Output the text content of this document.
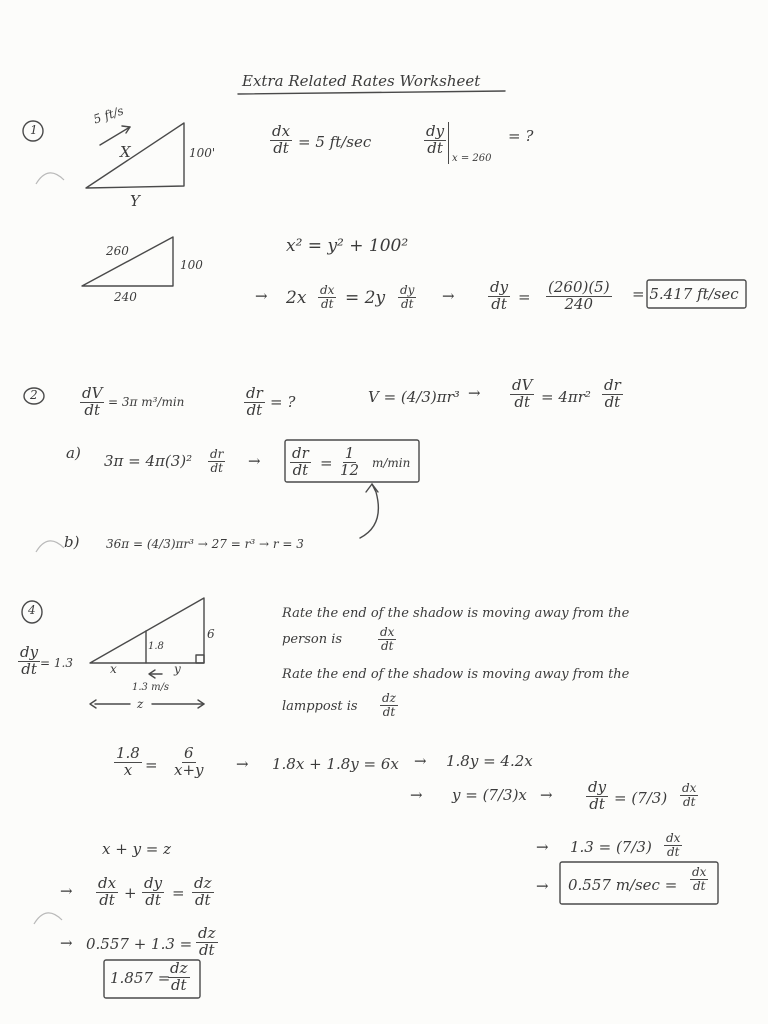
Extra Related Rates Worksheet
1
5 ft/s
X	100'
Y
$\frac{dx}{dt} = 5$ ft/sec	$\frac{dy}{dt}$
x = 260
= ?
260
100
240
x² = y² + 100²
→ $2x \frac{dx}{dt} = 2y \frac{dy}{dt} \to \frac{dy}{dt} = \frac{(260)(5)}{240} = 5.417$ ft/sec
2	$\frac{dV}{dt} = 3\pi$ m³/min	$\frac{dr}{dt}$ = ?	$V = (4/3)\pi r^3 \to \frac{dV}{dt} = 4\pi r^2 \frac{dr}{dt}$
a) $3\pi = 4\pi(3)^2 \frac{dr}{dt} \to \frac{dr}{dt} = \frac{1}{12} m/\min$
b) 36π = (4/3)πr³ → 27 = r³ → r = 3
4
$\frac{dy}{dt} = 1.3$
1.8
6
x	y
1.3 m/s
z
Rate the end of the shadow is moving away from the
person is	$\frac{dx}{dt}$
Rate the end of the shadow is moving away from the
lamppost is $\frac{dz}{dt}$
$\frac{1.8}{x} = \frac{6}{x+y} \to 1.8x + 1.8y = 6x \to 1.8y = 4.2x$
→ $y = (7/3)x \to \frac{dy}{dt} = (7/3) \frac{dx}{dt}$
x + y = z	→ $1.3 = (7/3) \frac{dx}{dt}$
→ $\frac{dx}{dt} + \frac{dy}{dt} = \frac{dz}{dt}$	→ 0.557 $m/\sec = \frac{dx}{dt}$
→ $0.557 + 1.3 = \frac{dz}{dt}$
1.857 =
$\frac{dz}{dt}$
